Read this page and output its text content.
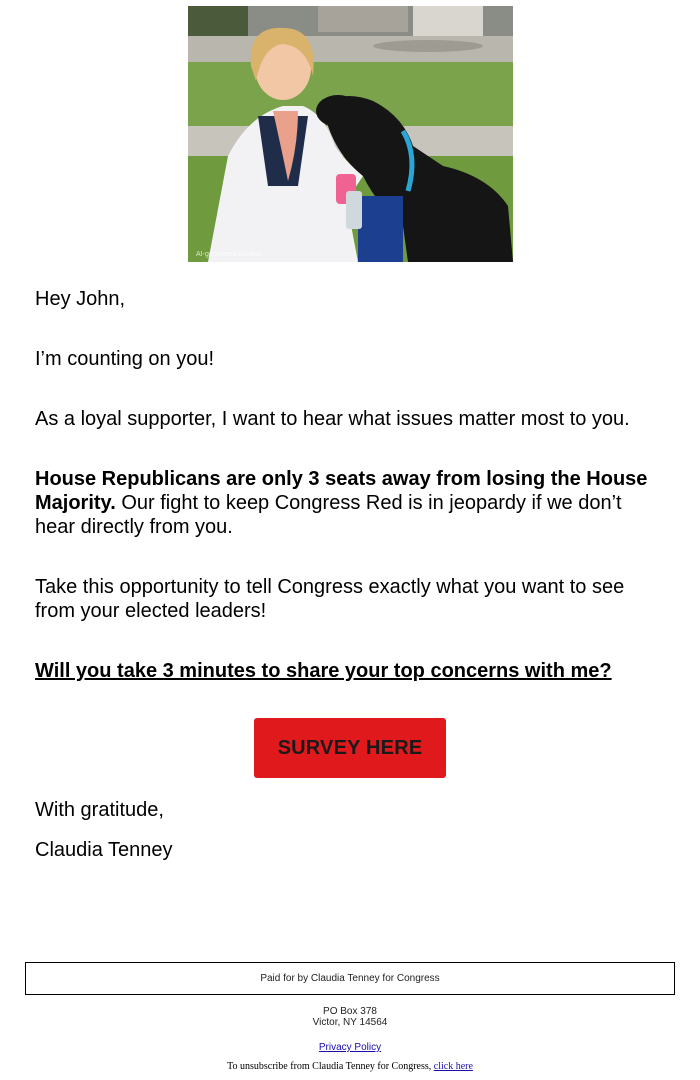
AI-generated content

Hey John,

I’m counting on you!

As a loyal supporter, I want to hear what issues matter most to you.

House Republicans are only 3 seats away from losing the House Majority. Our fight to keep Congress Red is in jeopardy if we don’t hear directly from you.

Take this opportunity to tell Congress exactly what you want to see from your elected leaders!

Will you take 3 minutes to share your top concerns with me?

SURVEY HERE

With gratitude,

Claudia Tenney

Paid for by Claudia Tenney for Congress
PO Box 378
Victor, NY 14564
Privacy Policy
To unsubscribe from Claudia Tenney for Congress, click here
